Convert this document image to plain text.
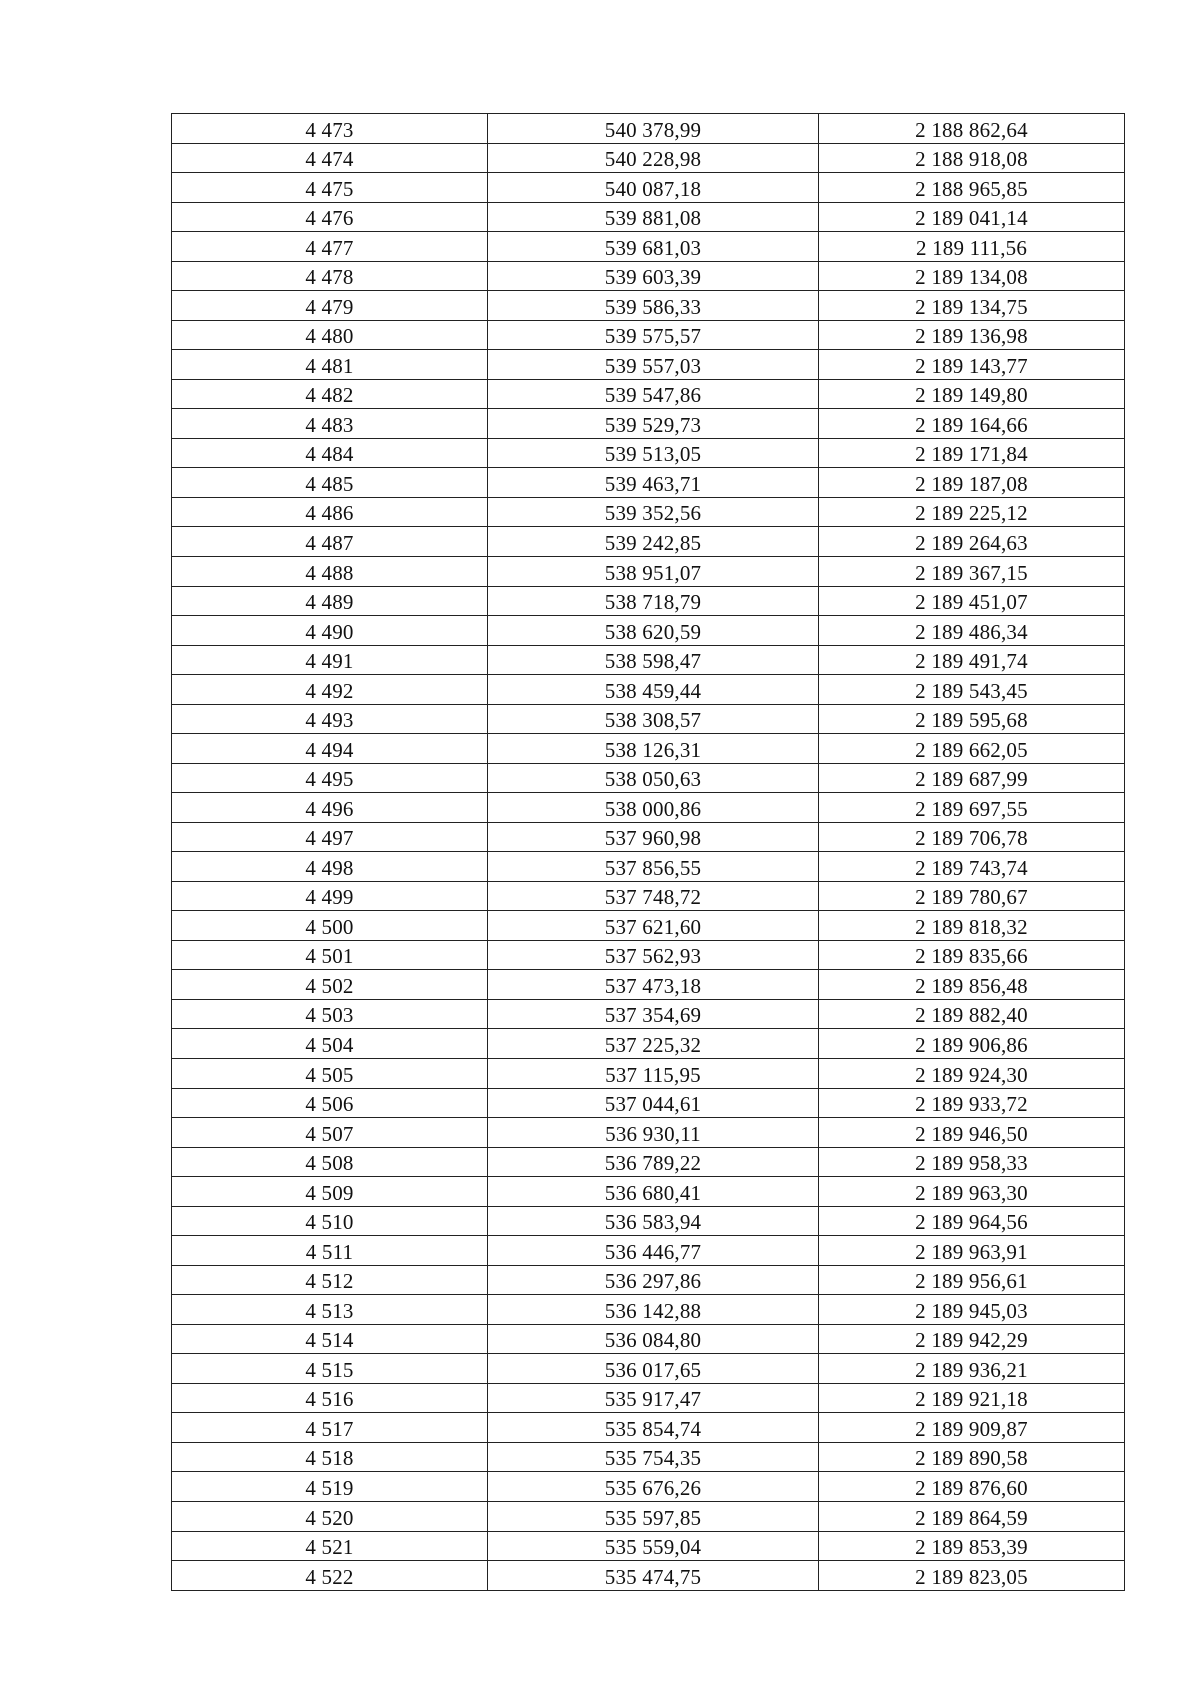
4 473	540 378,99	2 188 862,64
4 474	540 228,98	2 188 918,08
4 475	540 087,18	2 188 965,85
4 476	539 881,08	2 189 041,14
4 477	539 681,03	2 189 111,56
4 478	539 603,39	2 189 134,08
4 479	539 586,33	2 189 134,75
4 480	539 575,57	2 189 136,98
4 481	539 557,03	2 189 143,77
4 482	539 547,86	2 189 149,80
4 483	539 529,73	2 189 164,66
4 484	539 513,05	2 189 171,84
4 485	539 463,71	2 189 187,08
4 486	539 352,56	2 189 225,12
4 487	539 242,85	2 189 264,63
4 488	538 951,07	2 189 367,15
4 489	538 718,79	2 189 451,07
4 490	538 620,59	2 189 486,34
4 491	538 598,47	2 189 491,74
4 492	538 459,44	2 189 543,45
4 493	538 308,57	2 189 595,68
4 494	538 126,31	2 189 662,05
4 495	538 050,63	2 189 687,99
4 496	538 000,86	2 189 697,55
4 497	537 960,98	2 189 706,78
4 498	537 856,55	2 189 743,74
4 499	537 748,72	2 189 780,67
4 500	537 621,60	2 189 818,32
4 501	537 562,93	2 189 835,66
4 502	537 473,18	2 189 856,48
4 503	537 354,69	2 189 882,40
4 504	537 225,32	2 189 906,86
4 505	537 115,95	2 189 924,30
4 506	537 044,61	2 189 933,72
4 507	536 930,11	2 189 946,50
4 508	536 789,22	2 189 958,33
4 509	536 680,41	2 189 963,30
4 510	536 583,94	2 189 964,56
4 511	536 446,77	2 189 963,91
4 512	536 297,86	2 189 956,61
4 513	536 142,88	2 189 945,03
4 514	536 084,80	2 189 942,29
4 515	536 017,65	2 189 936,21
4 516	535 917,47	2 189 921,18
4 517	535 854,74	2 189 909,87
4 518	535 754,35	2 189 890,58
4 519	535 676,26	2 189 876,60
4 520	535 597,85	2 189 864,59
4 521	535 559,04	2 189 853,39
4 522	535 474,75	2 189 823,05
